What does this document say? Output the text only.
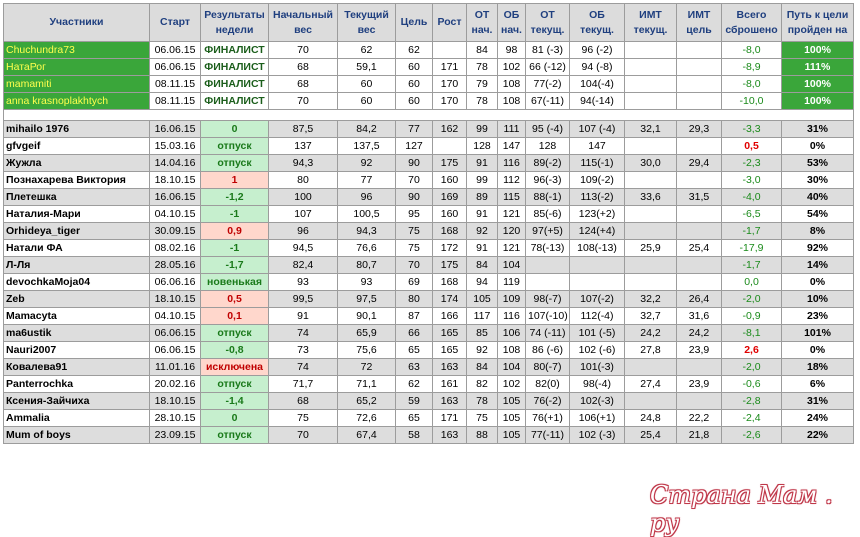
Участники	Старт	Результаты недели	Начальный вес	Текущий вес	Цель	Рост	ОТ нач.	ОБ нач.	ОТ текущ.	ОБ текущ.	ИМТ текущ.	ИМТ цель	Всего сброшено	Путь к цели пройден на
Chuchundra73	06.06.15	ФИНАЛИСТ	70	62	62		84	98	81 (-3)	96 (-2)			-8,0	100%
НатаРог	06.06.15	ФИНАЛИСТ	68	59,1	60	171	78	102	66 (-12)	94 (-8)			-8,9	111%
mamamiti	08.11.15	ФИНАЛИСТ	68	60	60	170	79	108	77(-2)	104(-4)			-8,0	100%
anna krasnoplakhtych	08.11.15	ФИНАЛИСТ	70	60	60	170	78	108	67(-11)	94(-14)			-10,0	100%

mihailo 1976	16.06.15	0	87,5	84,2	77	162	99	111	95 (-4)	107 (-4)	32,1	29,3	-3,3	31%
gfvgeif	15.03.16	отпуск	137	137,5	127		128	147	128	147			0,5	0%
Жужла	14.04.16	отпуск	94,3	92	90	175	91	116	89(-2)	115(-1)	30,0	29,4	-2,3	53%
Познахарева Виктория	18.10.15	1	80	77	70	160	99	112	96(-3)	109(-2)			-3,0	30%
Плетешка	16.06.15	-1,2	100	96	90	169	89	115	88(-1)	113(-2)	33,6	31,5	-4,0	40%
Наталия-Мари	04.10.15	-1	107	100,5	95	160	91	121	85(-6)	123(+2)			-6,5	54%
Orhideya_tiger	30.09.15	0,9	96	94,3	75	168	92	120	97(+5)	124(+4)			-1,7	8%
Натали ФА	08.02.16	-1	94,5	76,6	75	172	91	121	78(-13)	108(-13)	25,9	25,4	-17,9	92%
Л-Ля	28.05.16	-1,7	82,4	80,7	70	175	84	104					-1,7	14%
devochkaMoja04	06.06.16	новенькая	93	93	69	168	94	119					0,0	0%
Zeb	18.10.15	0,5	99,5	97,5	80	174	105	109	98(-7)	107(-2)	32,2	26,4	-2,0	10%
Mamacyta	04.10.15	0,1	91	90,1	87	166	117	116	107(-10)	112(-4)	32,7	31,6	-0,9	23%
ma6ustik	06.06.15	отпуск	74	65,9	66	165	85	106	74 (-11)	101 (-5)	24,2	24,2	-8,1	101%
Nauri2007	06.06.15	-0,8	73	75,6	65	165	92	108	86 (-6)	102 (-6)	27,8	23,9	2,6	0%
Ковалева91	11.01.16	исключена	74	72	63	163	84	104	80(-7)	101(-3)			-2,0	18%
Panterrochka	20.02.16	отпуск	71,7	71,1	62	161	82	102	82(0)	98(-4)	27,4	23,9	-0,6	6%
Ксения-Зайчиха	18.10.15	-1,4	68	65,2	59	163	78	105	76(-2)	102(-3)			-2,8	31%
Ammalia	28.10.15	0	75	72,6	65	171	75	105	76(+1)	106(+1)	24,8	22,2	-2,4	24%
Mum of boys	23.09.15	отпуск	70	67,4	58	163	88	105	77(-11)	102 (-3)	25,4	21,8	-2,6	22%
Страна Мам . ру
